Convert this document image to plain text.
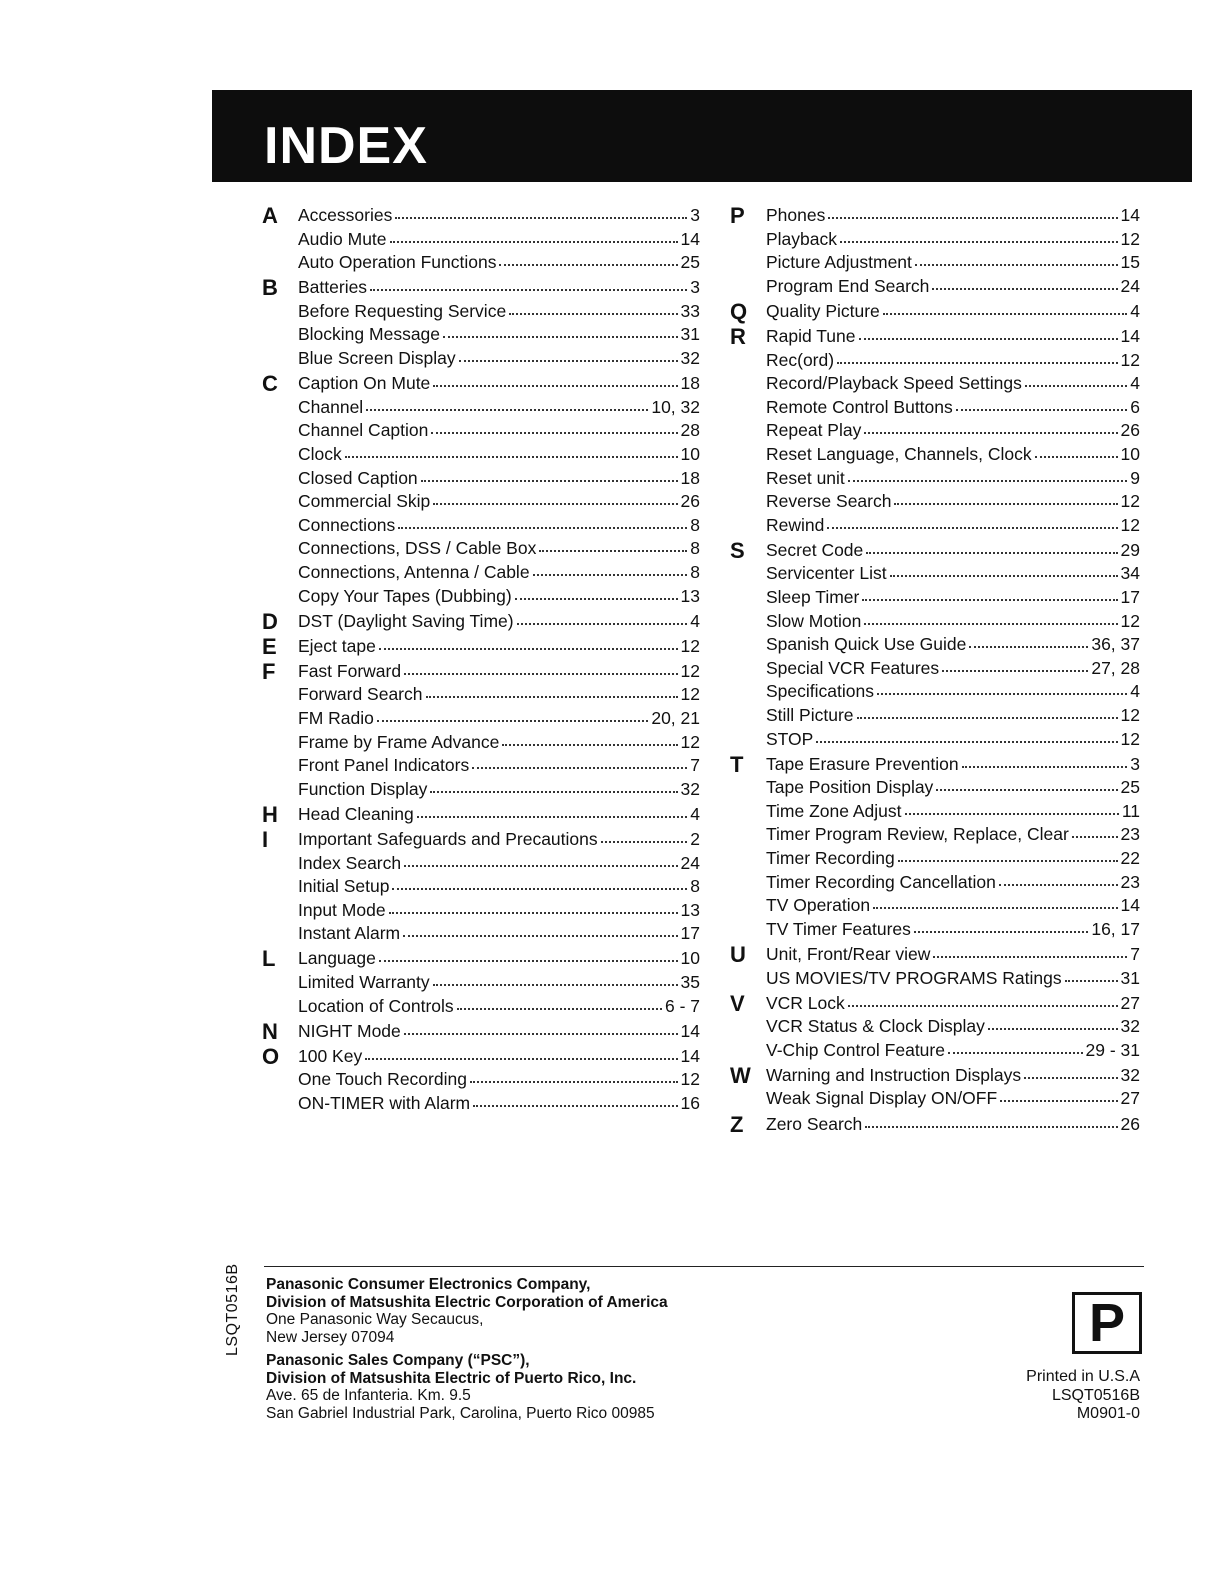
INDEX
A Accessories	3
Audio Mute	14
Auto Operation Functions	25
B Batteries	3
Before Requesting Service	33
Blocking Message	31
Blue Screen Display	32
C Caption On Mute	18
Channel	10, 32
Channel Caption	28
Clock	10
Closed Caption	18
Commercial Skip	26
Connections	8
Connections, DSS / Cable Box	8
Connections, Antenna / Cable	8
Copy Your Tapes (Dubbing)	13
D DST (Daylight Saving Time)	4
E Eject tape	12
F Fast Forward	12
Forward Search	12
FM Radio	20, 21
Frame by Frame Advance	12
Front Panel Indicators	7
Function Display	32
H Head Cleaning	4
I Important Safeguards and Precautions	2
Index Search	24
Initial Setup	8
Input Mode	13
Instant Alarm	17
L Language	10
Limited Warranty	35
Location of Controls	6 - 7
N NIGHT Mode	14
O 100 Key	14
One Touch Recording	12
ON-TIMER with Alarm	16
P Phones	14
Playback	12
Picture Adjustment	15
Program End Search	24
Q Quality Picture	4
R Rapid Tune	14
Rec(ord)	12
Record/Playback Speed Settings	4
Remote Control Buttons	6
Repeat Play	26
Reset Language, Channels, Clock	10
Reset unit	9
Reverse Search	12
Rewind	12
S Secret Code	29
Servicenter List	34
Sleep Timer	17
Slow Motion	12
Spanish Quick Use Guide	36, 37
Special VCR Features	27, 28
Specifications	4
Still Picture	12
STOP	12
T Tape Erasure Prevention	3
Tape Position Display	25
Time Zone Adjust	11
Timer Program Review, Replace, Clear	23
Timer Recording	22
Timer Recording Cancellation	23
TV Operation	14
TV Timer Features	16, 17
U Unit, Front/Rear view	7
US MOVIES/TV PROGRAMS Ratings	31
V VCR Lock	27
VCR Status & Clock Display	32
V-Chip Control Feature	29 - 31
W Warning and Instruction Displays	32
Weak Signal Display ON/OFF	27
Z Zero Search	26
LSQT0516B Panasonic Consumer Electronics Company,
Division of Matsushita Electric Corporation of America
One Panasonic Way Secaucus,
New Jersey 07094
Panasonic Sales Company (“PSC”),
Division of Matsushita Electric of Puerto Rico, Inc.
Ave. 65 de Infanteria. Km. 9.5
San Gabriel Industrial Park, Carolina, Puerto Rico 00985
P
Printed in U.S.A
LSQT0516B
M0901-0
